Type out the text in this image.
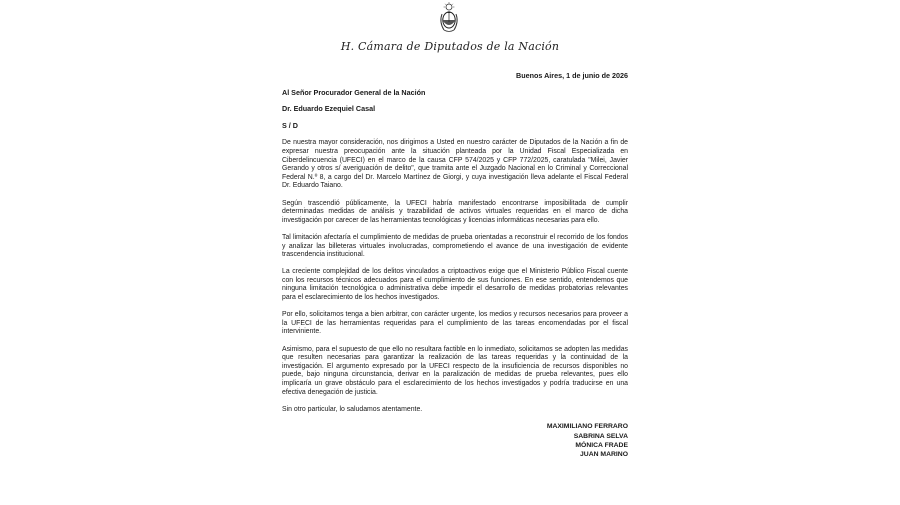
H. Cámara de Diputados de la Nación
Buenos Aires, 1 de junio de 2026
Al Señor Procurador General de la Nación
Dr. Eduardo Ezequiel Casal
S / D

De nuestra mayor consideración, nos dirigimos a Usted en nuestro carácter de Diputados de la Nación a fin de expresar nuestra preocupación ante la situación planteada por la Unidad Fiscal Especializada en Ciberdelincuencia (UFECI) en el marco de la causa CFP 574/2025 y CFP 772/2025, caratulada "Milei, Javier Gerando y otros s/ averiguación de delito", que tramita ante el Juzgado Nacional en lo Criminal y Correccional Federal N.º 8, a cargo del Dr. Marcelo Martínez de Giorgi, y cuya investigación lleva adelante el Fiscal Federal Dr. Eduardo Taiano.

Según trascendió públicamente, la UFECI habría manifestado encontrarse imposibilitada de cumplir determinadas medidas de análisis y trazabilidad de activos virtuales requeridas en el marco de dicha investigación por carecer de las herramientas tecnológicas y licencias informáticas necesarias para ello.

Tal limitación afectaría el cumplimiento de medidas de prueba orientadas a reconstruir el recorrido de los fondos y analizar las billeteras virtuales involucradas, comprometiendo el avance de una investigación de evidente trascendencia institucional.

La creciente complejidad de los delitos vinculados a criptoactivos exige que el Ministerio Público Fiscal cuente con los recursos técnicos adecuados para el cumplimiento de sus funciones. En ese sentido, entendemos que ninguna limitación tecnológica o administrativa debe impedir el desarrollo de medidas probatorias relevantes para el esclarecimiento de los hechos investigados.

Por ello, solicitamos tenga a bien arbitrar, con carácter urgente, los medios y recursos necesarios para proveer a la UFECI de las herramientas requeridas para el cumplimiento de las tareas encomendadas por el fiscal interviniente.

Asimismo, para el supuesto de que ello no resultara factible en lo inmediato, solicitamos se adopten las medidas que resulten necesarias para garantizar la realización de las tareas requeridas y la continuidad de la investigación. El argumento expresado por la UFECI respecto de la insuficiencia de recursos disponibles no puede, bajo ninguna circunstancia, derivar en la paralización de medidas de prueba relevantes, pues ello implicaría un grave obstáculo para el esclarecimiento de los hechos investigados y podría traducirse en una efectiva denegación de justicia.

Sin otro particular, lo saludamos atentamente.

MAXIMILIANO FERRARO
SABRINA SELVA
MÓNICA FRADE
JUAN MARINO
